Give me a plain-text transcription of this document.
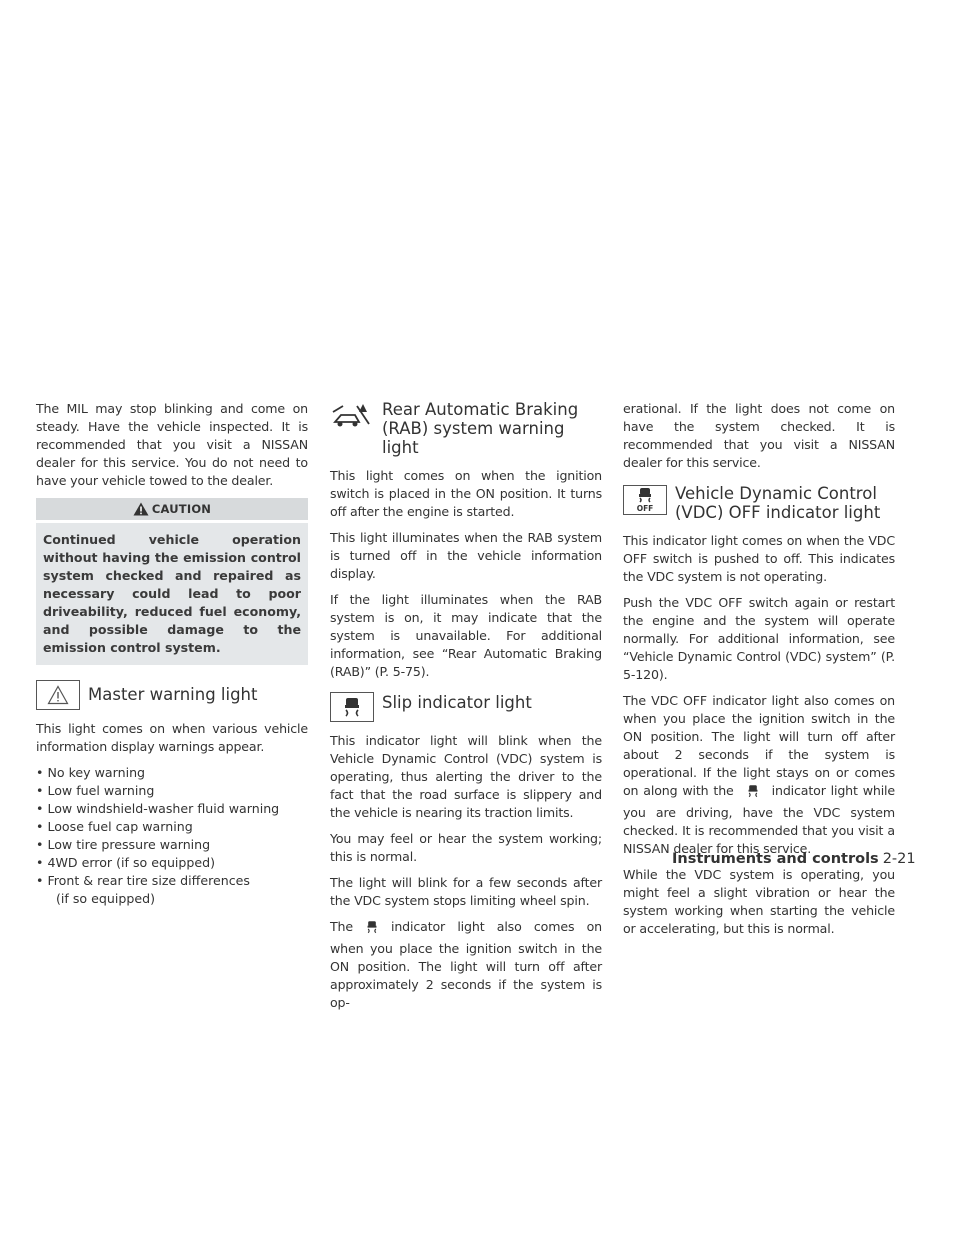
The MIL may stop blinking and come on steady. Have the vehicle inspected. It is recommended that you visit a NISSAN dealer for this service. You do not need to have your vehicle towed to the dealer.

CAUTION
Continued vehicle operation without having the emission control system checked and repaired as necessary could lead to poor driveability, reduced fuel economy, and possible damage to the emission control system.
Master warning light

This light comes on when various vehicle information display warnings appear.

• No key warning
• Low fuel warning
• Low windshield-washer fluid warning
• Loose fuel cap warning
• Low tire pressure warning
• 4WD error (if so equipped)
• Front & rear tire size differences
(if so equipped)
Rear Automatic Braking
(RAB) system warning light

This light comes on when the ignition switch is placed in the ON position. It turns off after the engine is started.

This light illuminates when the RAB system is turned off in the vehicle information display.

If the light illuminates when the RAB system is on, it may indicate that the system is unavailable. For additional information, see “Rear Automatic Braking (RAB)” (P. 5-75).

Slip indicator light

This indicator light will blink when the Vehicle Dynamic Control (VDC) system is operating, thus alerting the driver to the fact that the road surface is slippery and the vehicle is nearing its traction limits.

You may feel or hear the system working; this is normal.

The light will blink for a few seconds after the VDC system stops limiting wheel spin.

The	indicator light also comes on when you place the ignition switch in the ON position. The light will turn off after approximately 2 seconds if the system is op-

erational. If the light does not come on have the system checked. It is recommended that you visit a NISSAN dealer for this service.

OFF
Vehicle Dynamic Control
(VDC) OFF indicator light

This indicator light comes on when the VDC OFF switch is pushed to off. This indicates the VDC system is not operating.

Push the VDC OFF switch again or restart the engine and the system will operate normally. For additional information, see “Vehicle Dynamic Control (VDC) system” (P. 5-120).

The VDC OFF indicator light also comes on when you place the ignition switch in the ON position. The light will turn off after about 2 seconds if the system is operational. If the light stays on or comes on along with the	indicator light while you are driving, have the VDC system checked. It is recommended that you visit a NISSAN dealer for this service.

While the VDC system is operating, you might feel a slight vibration or hear the system working when starting the vehicle or accelerating, but this is normal.

Instruments and controls 2-21
